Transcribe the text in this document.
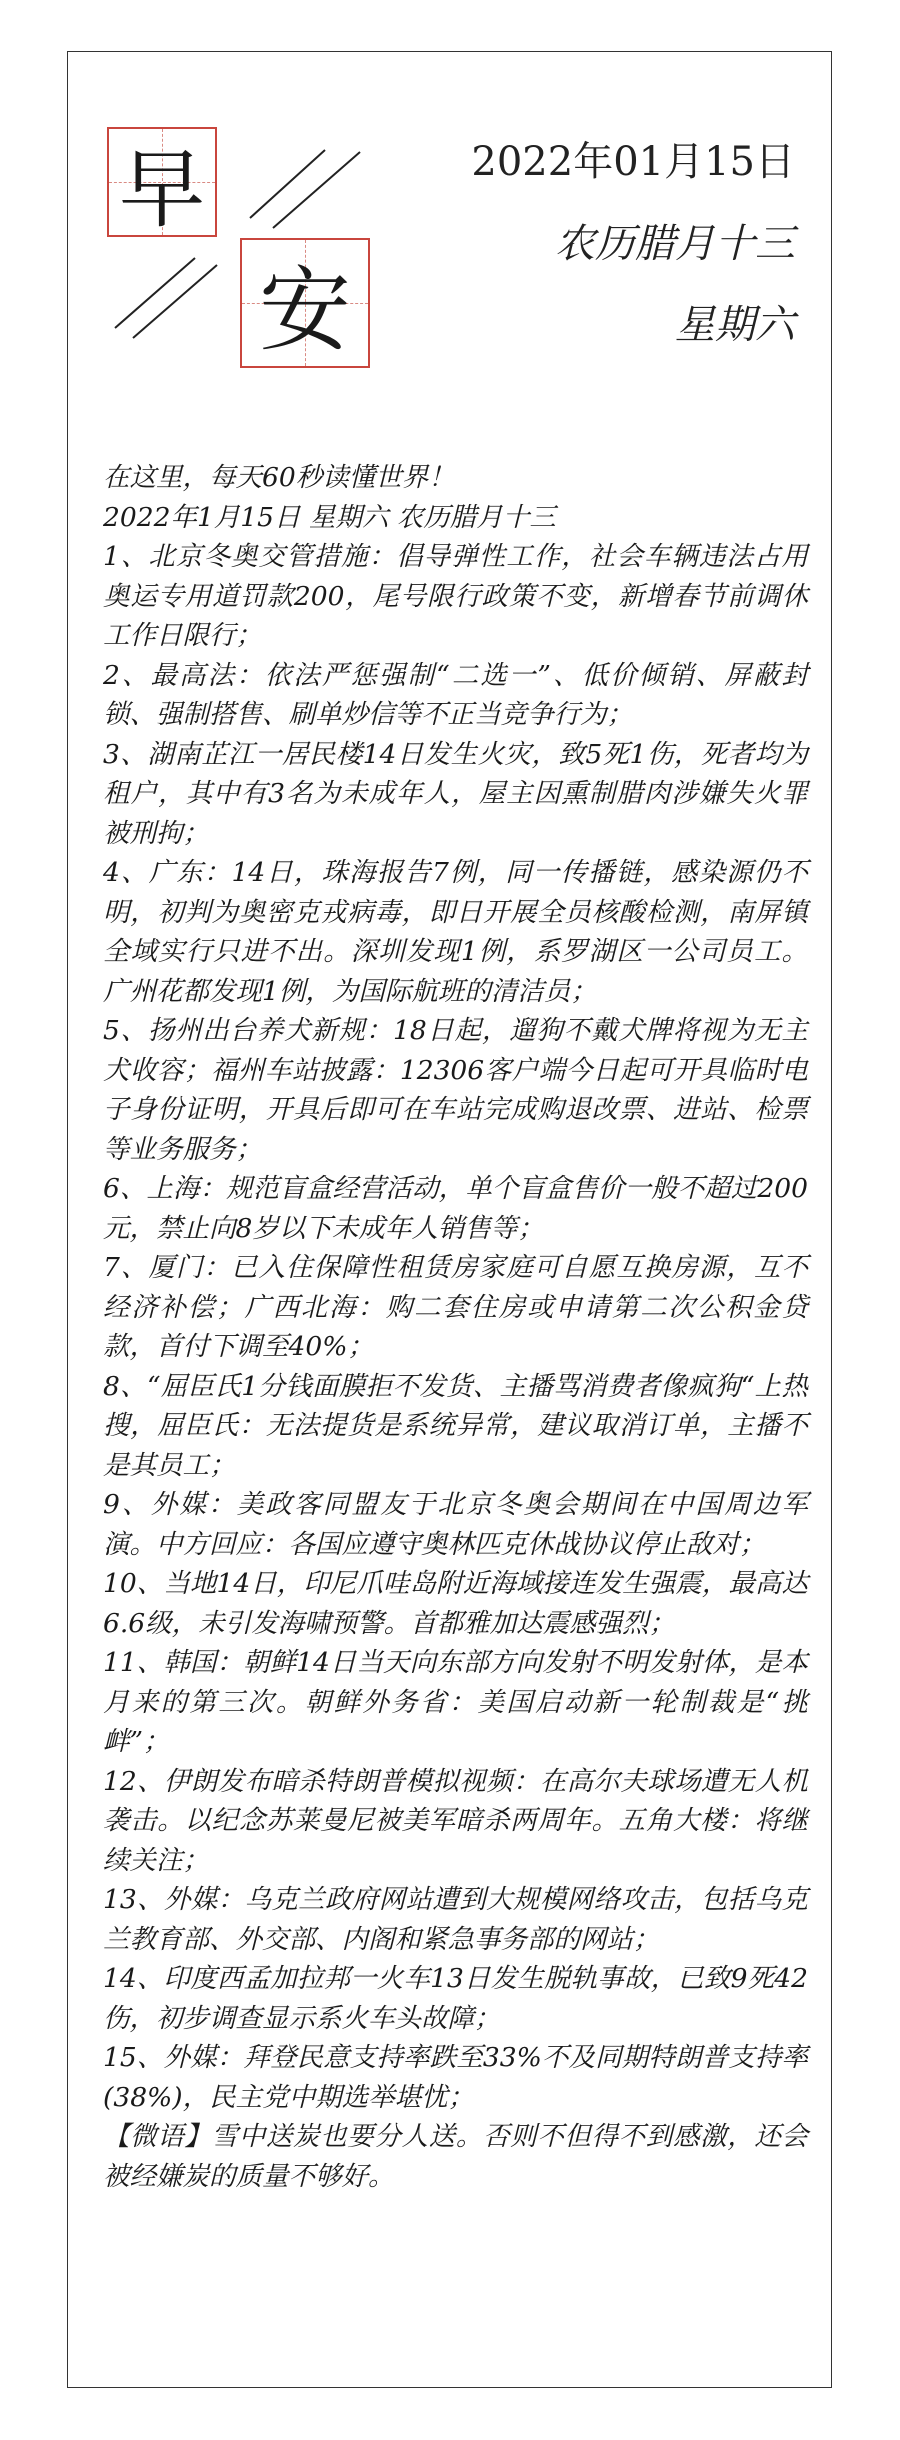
早
安
2022年01月15日
农历腊月十三
星期六

在这里，每天60秒读懂世界！

2022年1月15日 星期六 农历腊月十三

1、北京冬奥交管措施：倡导弹性工作，社会车辆违法占用奥运专用道罚款200，尾号限行政策不变，新增春节前调休工作日限行；

2、最高法：依法严惩强制“二选一”、低价倾销、屏蔽封锁、强制搭售、刷单炒信等不正当竞争行为；

3、湖南芷江一居民楼14日发生火灾，致5死1伤，死者均为租户，其中有3名为未成年人，屋主因熏制腊肉涉嫌失火罪被刑拘；

4、广东：14日，珠海报告7例，同一传播链，感染源仍不明，初判为奥密克戎病毒，即日开展全员核酸检测，南屏镇全域实行只进不出。深圳发现1例，系罗湖区一公司员工。广州花都发现1例，为国际航班的清洁员；

5、扬州出台养犬新规：18日起，遛狗不戴犬牌将视为无主犬收容；福州车站披露：12306客户端今日起可开具临时电子身份证明，开具后即可在车站完成购退改票、进站、检票等业务服务；

6、上海：规范盲盒经营活动，单个盲盒售价一般不超过200元，禁止向8岁以下未成年人销售等；

7、厦门：已入住保障性租赁房家庭可自愿互换房源，互不经济补偿；广西北海：购二套住房或申请第二次公积金贷款，首付下调至40%；

8、“屈臣氏1分钱面膜拒不发货、主播骂消费者像疯狗“上热搜，屈臣氏：无法提货是系统异常，建议取消订单，主播不是其员工；

9、外媒：美政客同盟友于北京冬奥会期间在中国周边军演。中方回应：各国应遵守奥林匹克休战协议停止敌对；

10、当地14日，印尼爪哇岛附近海域接连发生强震，最高达6.6级，未引发海啸预警。首都雅加达震感强烈；

11、韩国：朝鲜14日当天向东部方向发射不明发射体，是本月来的第三次。朝鲜外务省：美国启动新一轮制裁是“挑衅”；

12、伊朗发布暗杀特朗普模拟视频：在高尔夫球场遭无人机袭击。以纪念苏莱曼尼被美军暗杀两周年。五角大楼：将继续关注；

13、外媒：乌克兰政府网站遭到大规模网络攻击，包括乌克兰教育部、外交部、内阁和紧急事务部的网站；

14、印度西孟加拉邦一火车13日发生脱轨事故，已致9死42伤，初步调查显示系火车头故障；

15、外媒：拜登民意支持率跌至33%不及同期特朗普支持率(38%)，民主党中期选举堪忧；

【微语】雪中送炭也要分人送。否则不但得不到感激，还会被经嫌炭的质量不够好。
